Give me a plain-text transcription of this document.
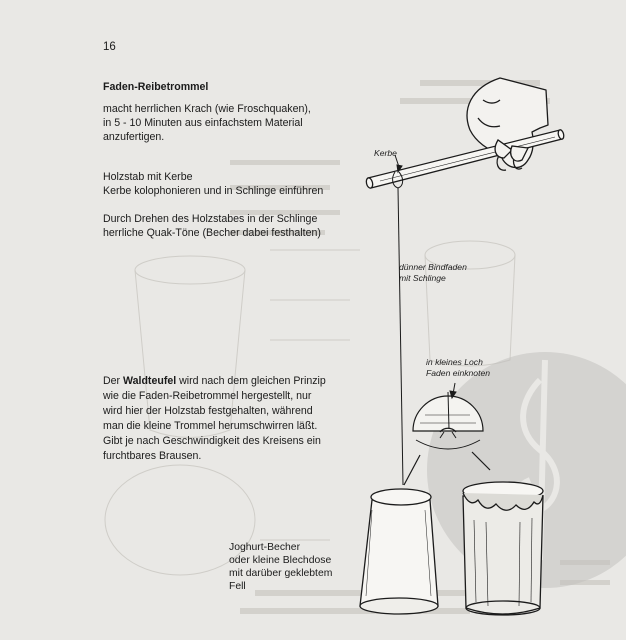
16
Faden-Reibetrommel
macht herrlichen Krach (wie Froschquaken),
in 5 - 10 Minuten aus einfachstem Material
anzufertigen.
Holzstab mit Kerbe
Kerbe kolophonieren und in Schlinge einführen
Durch Drehen des Holzstabes in der Schlinge
herrliche Quak-Töne (Becher dabei festhalten)
Der Waldteufel wird nach dem gleichen Prinzip
wie die Faden-Reibetrommel hergestellt, nur
wird hier der Holzstab festgehalten, während
man die kleine Trommel herumschwirren läßt.
Gibt je nach Geschwindigkeit des Kreisens ein
furchtbares Brausen.
Joghurt-Becher
oder kleine Blechdose
mit darüber geklebtem
Fell
Kerbe
dünner Bindfaden
mit Schlinge
in kleines Loch
Faden einknoten
